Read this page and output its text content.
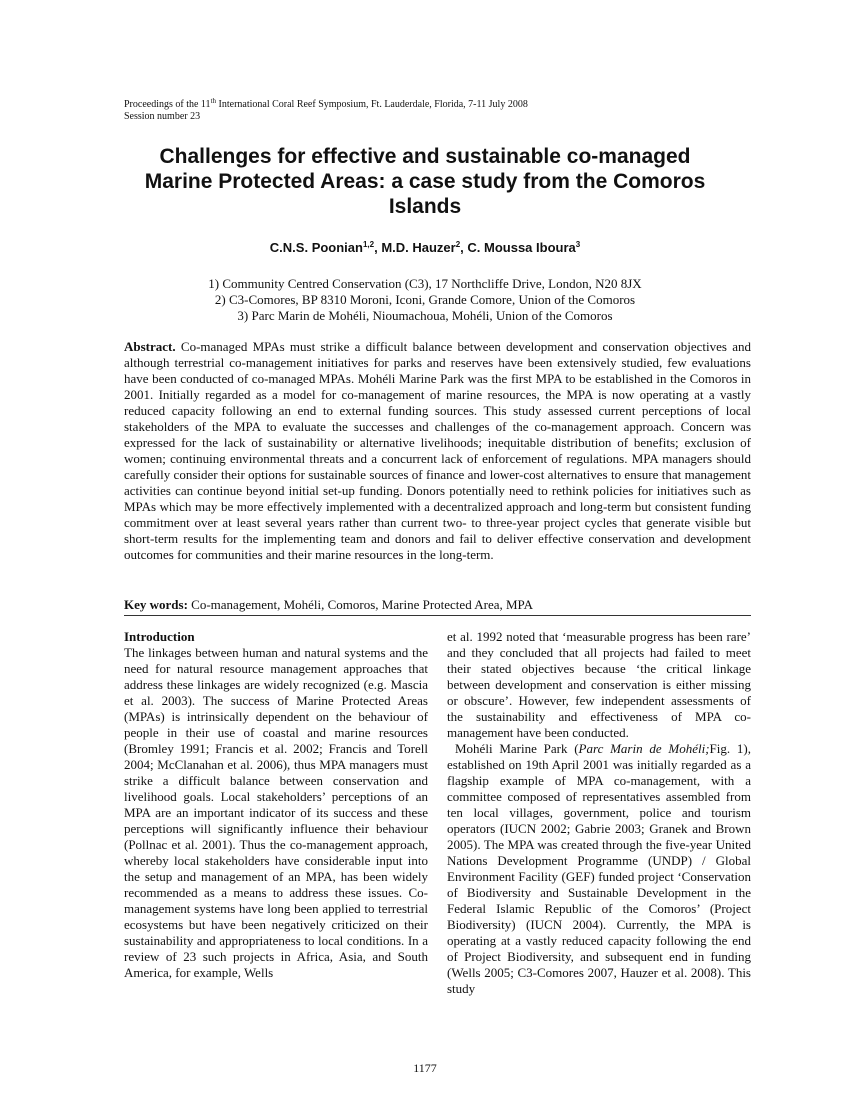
Proceedings of the 11th International Coral Reef Symposium, Ft. Lauderdale, Florida, 7-11 July 2008
Session number 23
Challenges for effective and sustainable co-managed
Marine Protected Areas: a case study from the Comoros
Islands
C.N.S. Poonian$^{1,2}$, M.D. Hauzer$^2$, C. Moussa Iboura$^3$
1) Community Centred Conservation (C3), 17 Northcliffe Drive, London, N20 8JX
2) C3-Comores, BP 8310 Moroni, Iconi, Grande Comore, Union of the Comoros
3) Parc Marin de Mohéli, Nioumachoua, Mohéli, Union of the Comoros
Abstract. Co-managed MPAs must strike a difficult balance between development and conservation objectives and although terrestrial co-management initiatives for parks and reserves have been extensively studied, few evaluations have been conducted of co-managed MPAs. Mohéli Marine Park was the first MPA to be established in the Comoros in 2001. Initially regarded as a model for co-management of marine resources, the MPA is now operating at a vastly reduced capacity following an end to external funding sources. This study assessed current perceptions of local stakeholders of the MPA to evaluate the successes and challenges of the co-management approach. Concern was expressed for the lack of sustainability or alternative livelihoods; inequitable distribution of benefits; exclusion of women; continuing environmental threats and a concurrent lack of enforcement of regulations. MPA managers should carefully consider their options for sustainable sources of finance and lower-cost alternatives to ensure that management activities can continue beyond initial set-up funding. Donors potentially need to rethink policies for initiatives such as MPAs which may be more effectively implemented with a decentralized approach and long-term but consistent funding commitment over at least several years rather than current two- to three-year project cycles that generate visible but short-term results for the implementing team and donors and fail to deliver effective conservation and development outcomes for communities and their marine resources in the long-term.
Key words: Co-management, Mohéli, Comoros, Marine Protected Area, MPA

Introduction

The linkages between human and natural systems and the need for natural resource management approaches that address these linkages are widely recognized (e.g. Mascia et al. 2003). The success of Marine Protected Areas (MPAs) is intrinsically dependent on the behaviour of people in their use of coastal and marine resources (Bromley 1991; Francis et al. 2002; Francis and Torell 2004; McClanahan et al. 2006), thus MPA managers must strike a difficult balance between conservation and livelihood goals. Local stakeholders’ perceptions of an MPA are an important indicator of its success and these perceptions will significantly influence their behaviour (Pollnac et al. 2001). Thus the co-management approach, whereby local stakeholders have considerable input into the setup and management of an MPA, has been widely recommended as a means to address these issues. Co-management systems have long been applied to terrestrial ecosystems but have been negatively criticized on their sustainability and appropriateness to local conditions. In a review of 23 such projects in Africa, Asia, and South America, for example, Wells

et al. 1992 noted that ‘measurable progress has been rare’ and they concluded that all projects had failed to meet their stated objectives because ‘the critical linkage between development and conservation is either missing or obscure’. However, few independent assessments of the sustainability and effectiveness of MPA co-management have been conducted.

Mohéli Marine Park (Parc Marin de Mohéli;Fig. 1), established on 19th April 2001 was initially regarded as a flagship example of MPA co-management, with a committee composed of representatives assembled from ten local villages, government, police and tourism operators (IUCN 2002; Gabrie 2003; Granek and Brown 2005). The MPA was created through the five-year United Nations Development Programme (UNDP) / Global Environment Facility (GEF) funded project ‘Conservation of Biodiversity and Sustainable Development in the Federal Islamic Republic of the Comoros’ (Project Biodiversity) (IUCN 2004). Currently, the MPA is operating at a vastly reduced capacity following the end of Project Biodiversity, and subsequent end in funding (Wells 2005; C3-Comores 2007, Hauzer et al. 2008). This study

1177
